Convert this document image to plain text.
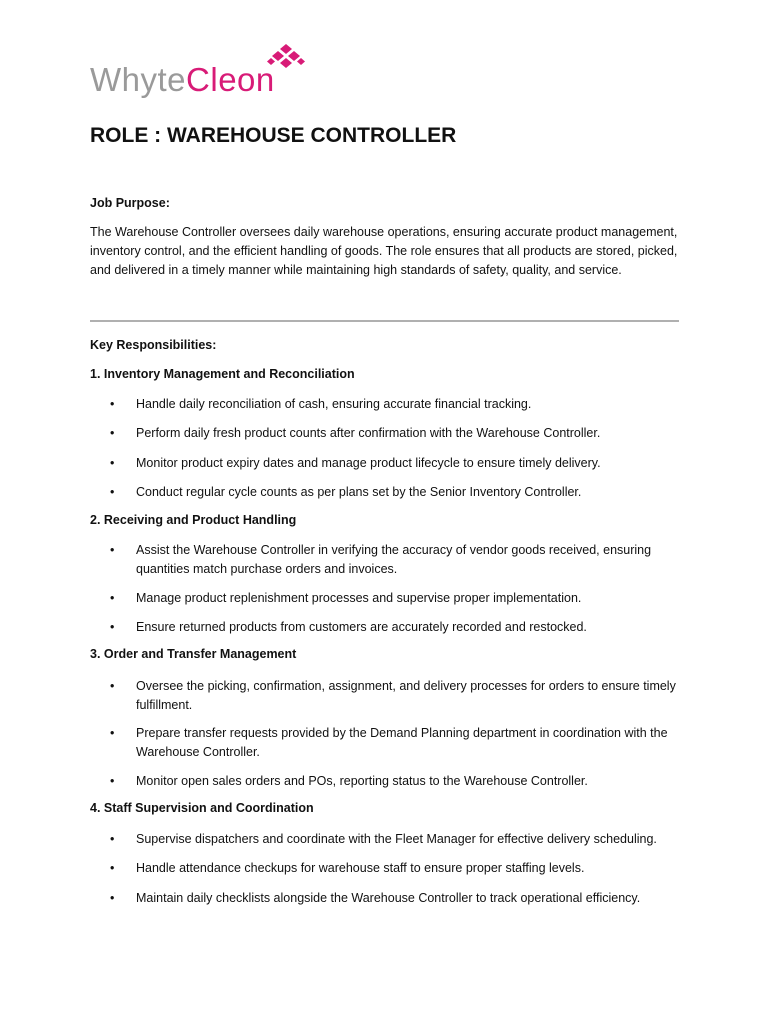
WhyteCleon
ROLE : WAREHOUSE CONTROLLER

Job Purpose:

The Warehouse Controller oversees daily warehouse operations, ensuring accurate product management, inventory control, and the efficient handling of goods. The role ensures that all products are stored, picked, and delivered in a timely manner while maintaining high standards of safety, quality, and service.

Key Responsibilities:

1. Inventory Management and Reconciliation

• Handle daily reconciliation of cash, ensuring accurate financial tracking.
• Perform daily fresh product counts after confirmation with the Warehouse Controller.
• Monitor product expiry dates and manage product lifecycle to ensure timely delivery.
• Conduct regular cycle counts as per plans set by the Senior Inventory Controller.

2. Receiving and Product Handling

• Assist the Warehouse Controller in verifying the accuracy of vendor goods received, ensuring quantities match purchase orders and invoices.
• Manage product replenishment processes and supervise proper implementation.
• Ensure returned products from customers are accurately recorded and restocked.

3. Order and Transfer Management

• Oversee the picking, confirmation, assignment, and delivery processes for orders to ensure timely fulfillment.
• Prepare transfer requests provided by the Demand Planning department in coordination with the Warehouse Controller.
• Monitor open sales orders and POs, reporting status to the Warehouse Controller.

4. Staff Supervision and Coordination

• Supervise dispatchers and coordinate with the Fleet Manager for effective delivery scheduling.
• Handle attendance checkups for warehouse staff to ensure proper staffing levels.
• Maintain daily checklists alongside the Warehouse Controller to track operational efficiency.
